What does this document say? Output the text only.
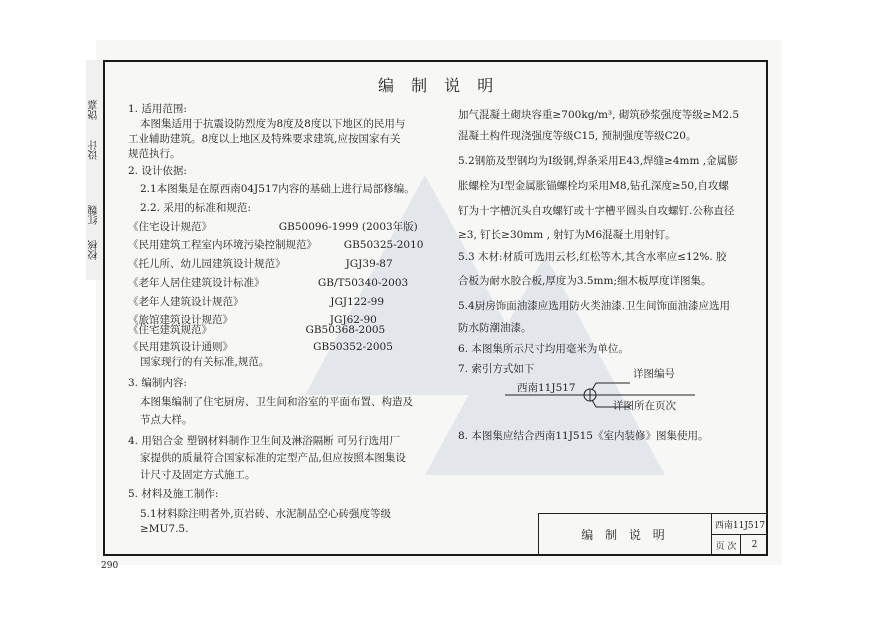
校核
红魏
设计
饶嘉
编 制 说 明
1. 适用范围:
本图集适用于抗震设防烈度为8度及8度以下地区的民用与
工业辅助建筑。8度以上地区及特殊要求建筑,应按国家有关
规范执行。
2. 设计依据:
2.1本图集是在原西南04J517内容的基础上进行局部修编。
2.2. 采用的标准和规范:
《住宅设计规范》                    GB50096-1999 (2003年版)
《民用建筑工程室内环境污染控制规范》        GB50325-2010
《托儿所、幼儿园建筑设计规范》                  JGJ39-87
《老年人居住建筑设计标准》                GB/T50340-2003
《老年人建筑设计规范》                          JGJ122-99
《旅馆建筑设计规范》                             JGJ62-90
《住宅建筑规范》                            GB50368-2005
《民用建筑设计通则》                        GB50352-2005
国家现行的有关标准,规范。
3. 编制内容:
本图集编制了住宅厨房、卫生间和浴室的平面布置、构造及
节点大样。
4. 用铝合金 塑钢材料制作卫生间及淋浴隔断 可另行选用厂
家提供的质量符合国家标准的定型产品,但应按照本图集设
计尺寸及固定方式施工。
5. 材料及施工制作:
5.1材料除注明者外,页岩砖、水泥制品空心砖强度等级
≥MU7.5.
加气混凝土砌块容重≥700kg/m³, 砌筑砂浆强度等级≥M2.5
混凝土构件现浇强度等级C15, 预制强度等级C20。
5.2钢筋及型钢均为Ⅰ级钢,焊条采用E43,焊缝≥4mm ,金属膨
胀螺栓为Ⅰ型金属胀锚螺栓均采用M8,钻孔深度≥50,自攻螺
钉为十字槽沉头自攻螺钉或十字槽平圆头自攻螺钉.公称直径
≥3, 钉长≥30mm , 射钉为M6混凝土用射钉。
5.3 木材:材质可选用云杉,红松等木,其含水率应≤12%. 胶
合板为耐水胶合板,厚度为3.5mm;细木板厚度详图集。
5.4厨房饰面油漆应选用防火类油漆.卫生间饰面油漆应选用
防水防潮油漆。
6. 本图集所示尺寸均用毫米为单位。
7. 索引方式如下
8. 本图集应结合西南11J515《室内装修》图集使用。
西南11J517
详图编号
详图所在页次
编 制 说 明
西南11J517
页 次	2
290
